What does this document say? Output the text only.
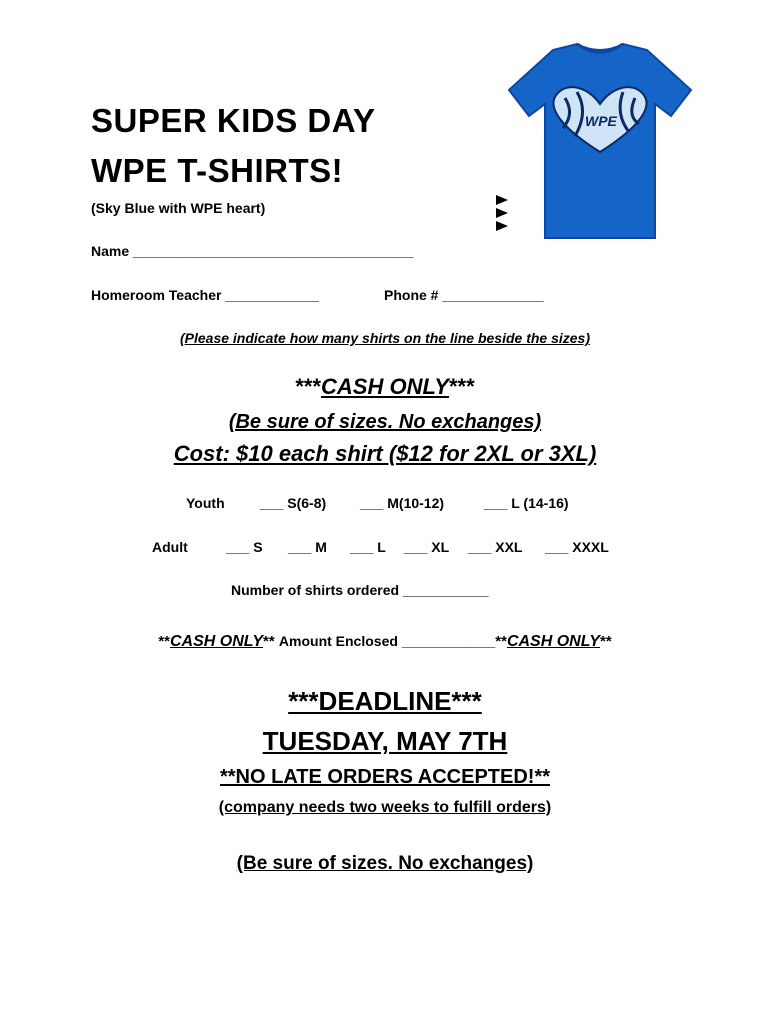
SUPER KIDS DAY
WPE T-SHIRTS!
(Sky Blue with WPE heart)
WPE
Name ____________________________________
Homeroom Teacher ____________	Phone # _____________
(Please indicate how many shirts on the line beside the sizes)
***CASH ONLY***
(Be sure of sizes. No exchanges)
Cost: $10 each shirt ($12 for 2XL or 3XL)
Youth	___ S(6-8) ___ M(10-12)	___ L (14-16)
Adult	___ S ___ M ___ L ___ XL ___ XXL ___ XXXL
Number of shirts ordered ___________
**CASH ONLY** Amount Enclosed ____________**CASH ONLY**
***DEADLINE***
TUESDAY, MAY 7TH
**NO LATE ORDERS ACCEPTED!**
(company needs two weeks to fulfill orders)
(Be sure of sizes. No exchanges)
